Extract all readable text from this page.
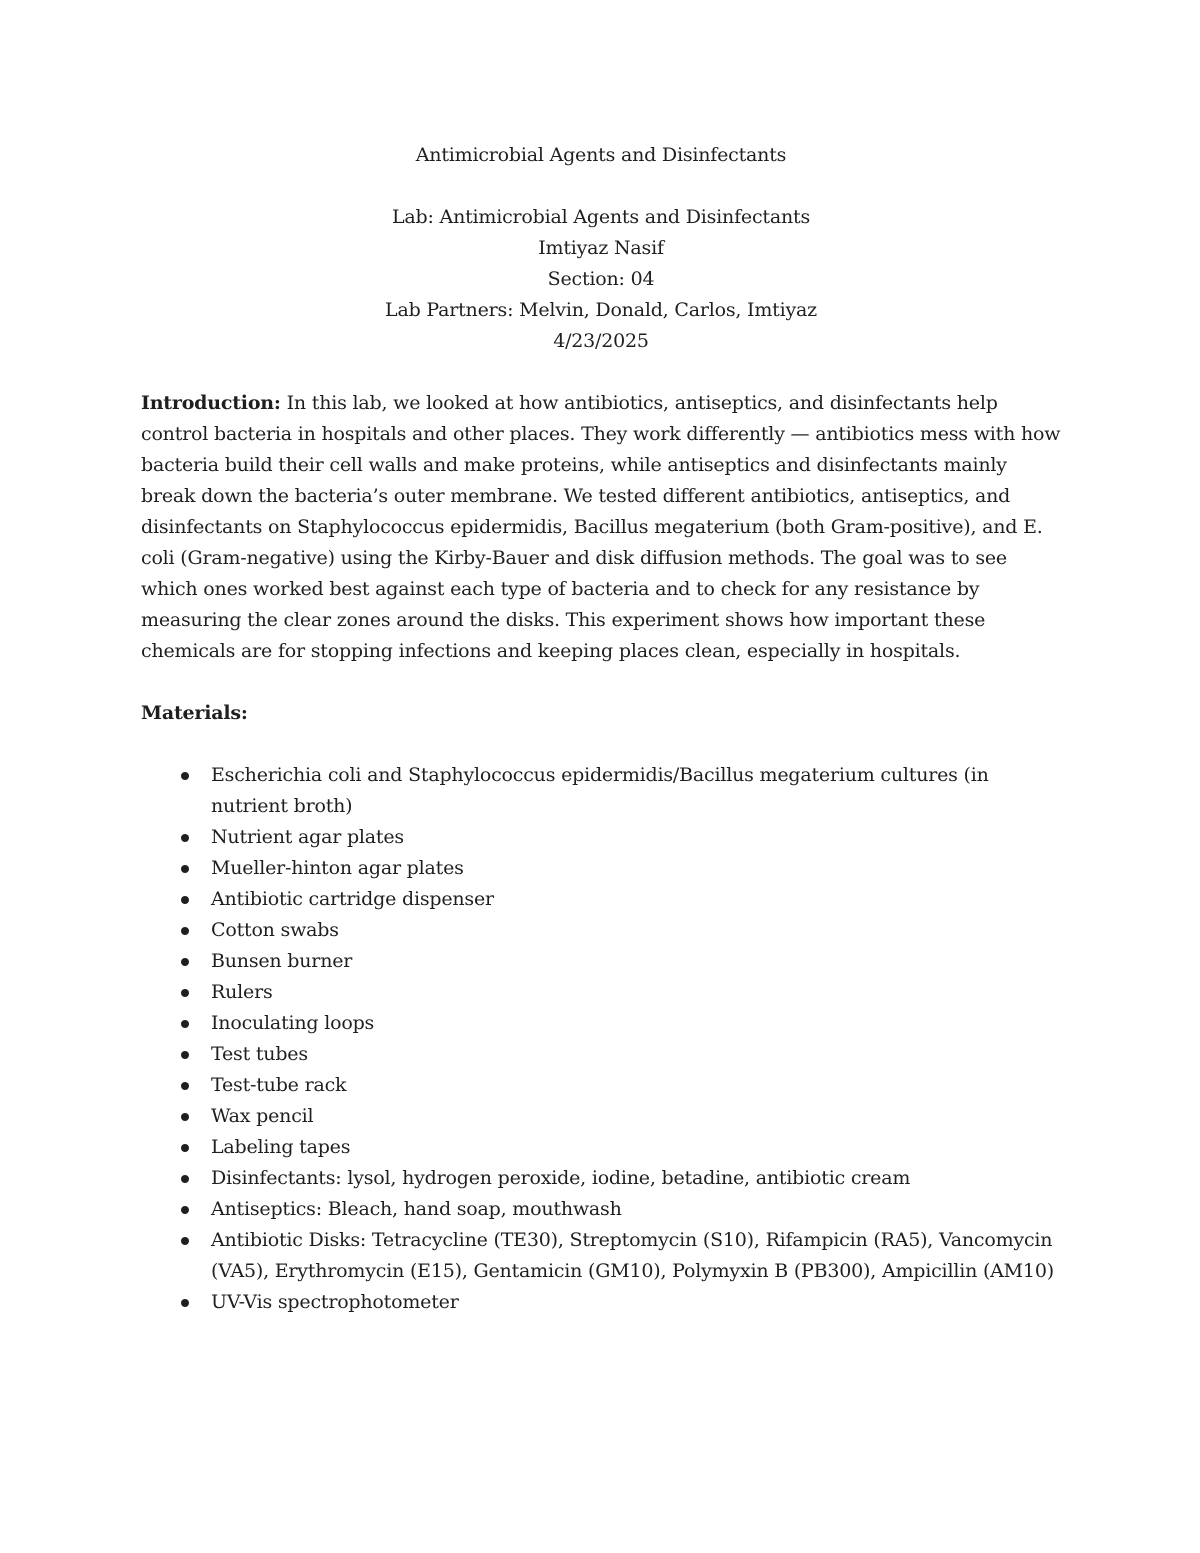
Antimicrobial Agents and Disinfectants
Lab: Antimicrobial Agents and Disinfectants
Imtiyaz Nasif
Section: 04
Lab Partners: Melvin, Donald, Carlos, Imtiyaz
4/23/2025

Introduction: In this lab, we looked at how antibiotics, antiseptics, and disinfectants help control bacteria in hospitals and other places. They work differently — antibiotics mess with how bacteria build their cell walls and make proteins, while antiseptics and disinfectants mainly break down the bacteria’s outer membrane. We tested different antibiotics, antiseptics, and disinfectants on Staphylococcus epidermidis, Bacillus megaterium (both Gram-positive), and E. coli (Gram-negative) using the Kirby-Bauer and disk diffusion methods. The goal was to see which ones worked best against each type of bacteria and to check for any resistance by measuring the clear zones around the disks. This experiment shows how important these chemicals are for stopping infections and keeping places clean, especially in hospitals.

Materials:

Escherichia coli and Staphylococcus epidermidis/Bacillus megaterium cultures (in nutrient broth)
Nutrient agar plates
Mueller-hinton agar plates
Antibiotic cartridge dispenser
Cotton swabs
Bunsen burner
Rulers
Inoculating loops
Test tubes
Test-tube rack
Wax pencil
Labeling tapes
Disinfectants: lysol, hydrogen peroxide, iodine, betadine, antibiotic cream
Antiseptics: Bleach, hand soap, mouthwash
Antibiotic Disks: Tetracycline (TE30), Streptomycin (S10), Rifampicin (RA5), Vancomycin (VA5), Erythromycin (E15), Gentamicin (GM10), Polymyxin B (PB300), Ampicillin (AM10)
UV-Vis spectrophotometer
